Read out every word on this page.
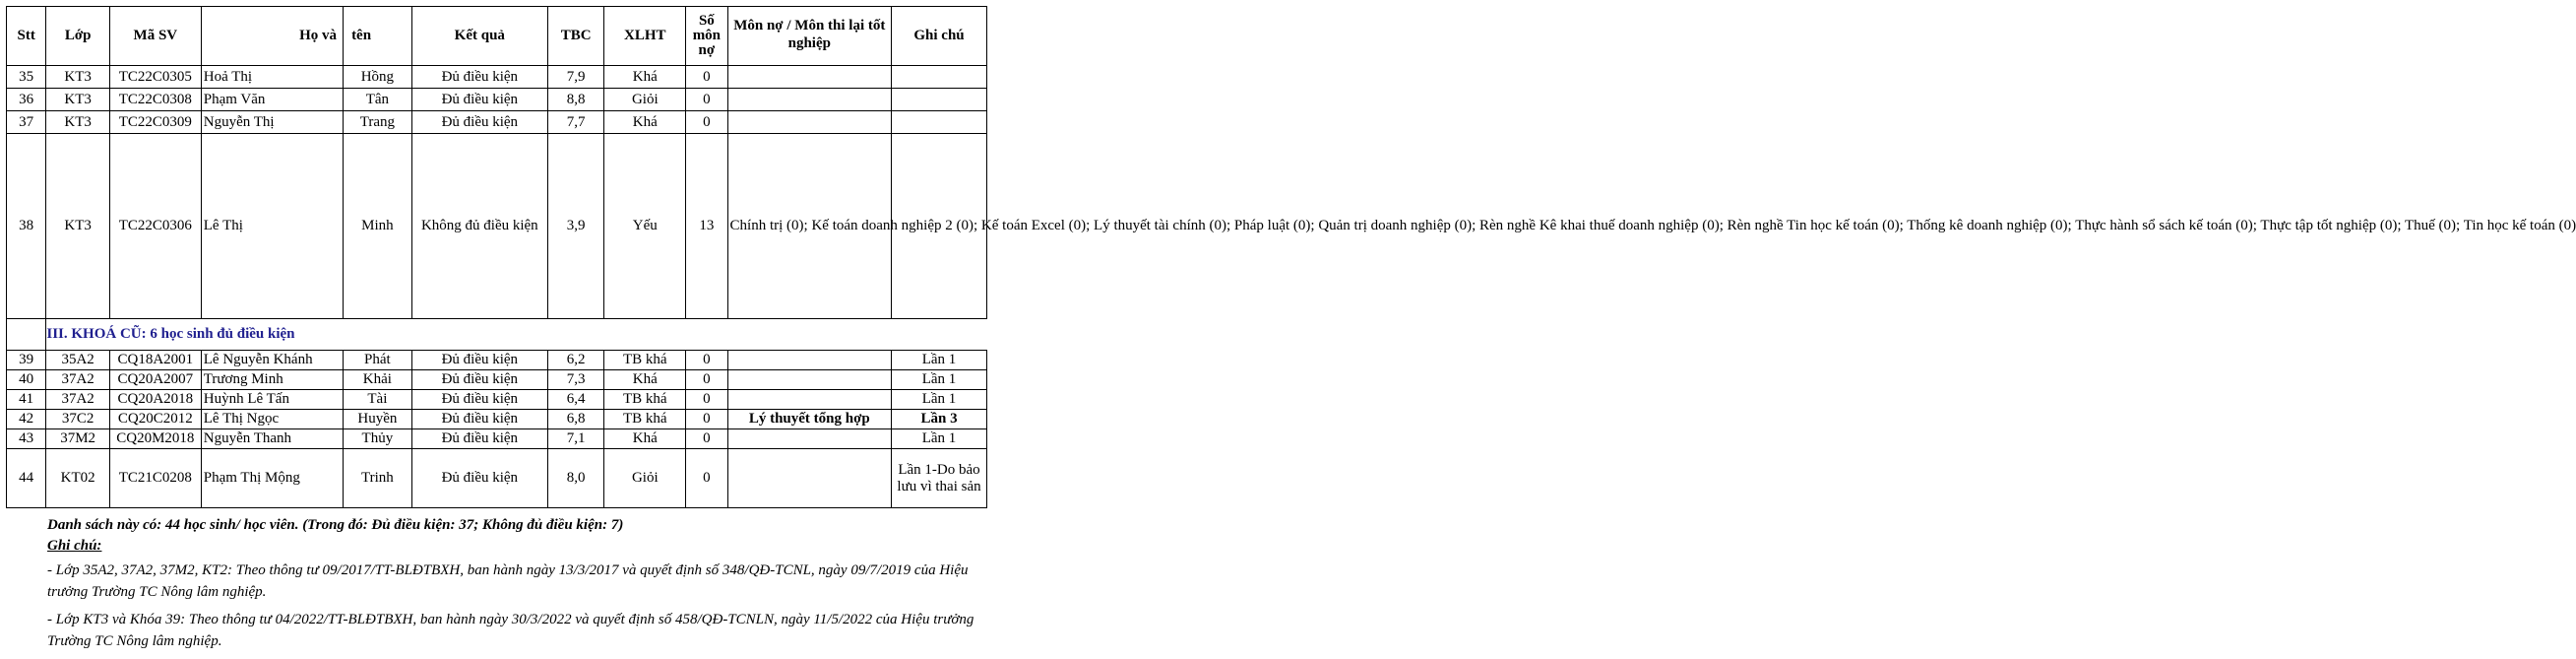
Stt	Lớp	Mã SV	Họ và	tên	Kết quả	TBC	XLHT	Số
môn
nợ	Môn nợ / Môn thi lại tốt nghiệp	Ghi chú
35	KT3	TC22C0305	Hoả Thị	Hồng	Đủ điều kiện	7,9	Khá	0		
36	KT3	TC22C0308	Phạm Văn	Tân	Đủ điều kiện	8,8	Giỏi	0		
37	KT3	TC22C0309	Nguyễn Thị	Trang	Đủ điều kiện	7,7	Khá	0		
38	KT3	TC22C0306	Lê Thị	Minh	Không đủ điều kiện	3,9	Yếu	13	Chính trị (0); Kế toán doanh nghiệp 2 (0); Kế toán Excel (0); Lý thuyết tài chính (0); Pháp luật (0); Quản trị doanh nghiệp (0); Rèn nghề Kê khai thuế doanh nghiệp (0); Rèn nghề Tin học kế toán (0); Thống kê doanh nghiệp (0); Thực hành sổ sách kế toán (0); Thực tập tốt nghiệp (0); Thuế (0); Tin học kế toán (0)	
	III. KHOÁ CŨ: 6 học sinh đủ điều kiện									
39	35A2	CQ18A2001	Lê Nguyễn Khánh	Phát	Đủ điều kiện	6,2	TB khá	0		Lần 1
40	37A2	CQ20A2007	Trương Minh	Khải	Đủ điều kiện	7,3	Khá	0		Lần 1
41	37A2	CQ20A2018	Huỳnh Lê Tấn	Tài	Đủ điều kiện	6,4	TB khá	0		Lần 1
42	37C2	CQ20C2012	Lê Thị Ngọc	Huyền	Đủ điều kiện	6,8	TB khá	0	Lý thuyết tổng hợp	Lần 3
43	37M2	CQ20M2018	Nguyễn Thanh	Thủy	Đủ điều kiện	7,1	Khá	0		Lần 1
44	KT02	TC21C0208	Phạm Thị Mộng	Trinh	Đủ điều kiện	8,0	Giỏi	0		Lần 1-Do bảo lưu vì thai sản
Danh sách này có: 44 học sinh/ học viên. (Trong đó: Đủ điều kiện: 37; Không đủ điều kiện: 7)
Ghi chú:
- Lớp 35A2, 37A2, 37M2, KT2: Theo thông tư 09/2017/TT-BLĐTBXH, ban hành ngày 13/3/2017 và quyết định số 348/QĐ-TCNL, ngày 09/7/2019 của Hiệu trưởng Trường TC Nông lâm nghiệp.
- Lớp KT3 và Khóa 39: Theo thông tư 04/2022/TT-BLĐTBXH, ban hành ngày 30/3/2022 và quyết định số 458/QĐ-TCNLN, ngày 11/5/2022 của Hiệu trưởng Trường TC Nông lâm nghiệp.
